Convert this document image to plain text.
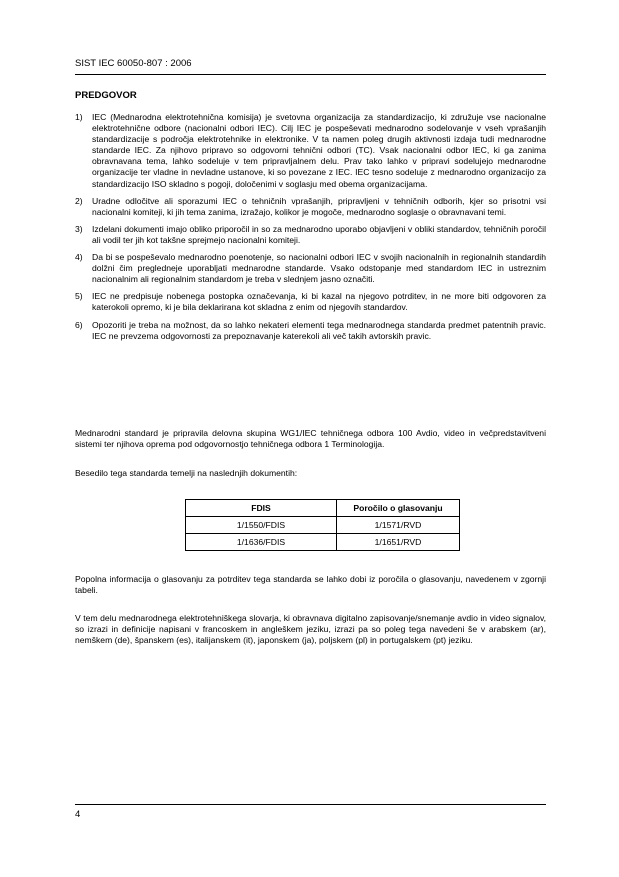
SIST IEC 60050-807 : 2006
PREDGOVOR
1) IEC (Mednarodna elektrotehnična komisija) je svetovna organizacija za standardizacijo, ki združuje vse nacionalne elektrotehnične odbore (nacionalni odbori IEC). Cilj IEC je pospeševati mednarodno sodelovanje v vseh vprašanjih standardizacije s področja elektrotehnike in elektronike. V ta namen poleg drugih aktivnosti izdaja tudi mednarodne standarde IEC. Za njihovo pripravo so odgovorni tehnični odbori (TC). Vsak nacionalni odbor IEC, ki ga zanima obravnavana tema, lahko sodeluje v tem pripravljalnem delu. Prav tako lahko v pripravi sodelujejo mednarodne organizacije ter vladne in nevladne ustanove, ki so povezane z IEC. IEC tesno sodeluje z mednarodno organizacijo za standardizacijo ISO skladno s pogoji, določenimi v soglasju med obema organizacijama.
2) Uradne odločitve ali sporazumi IEC o tehničnih vprašanjih, pripravljeni v tehničnih odborih, kjer so prisotni vsi nacionalni komiteji, ki jih tema zanima, izražajo, kolikor je mogoče, mednarodno soglasje o obravnavani temi.
3) Izdelani dokumenti imajo obliko priporočil in so za mednarodno uporabo objavljeni v obliki standardov, tehničnih poročil ali vodil ter jih kot takšne sprejmejo nacionalni komiteji.
4) Da bi se pospeševalo mednarodno poenotenje, so nacionalni odbori IEC v svojih nacionalnih in regionalnih standardih dolžni čim pregledneje uporabljati mednarodne standarde. Vsako odstopanje med standardom IEC in ustreznim nacionalnim ali regionalnim standardom je treba v slednjem jasno označiti.
5) IEC ne predpisuje nobenega postopka označevanja, ki bi kazal na njegovo potrditev, in ne more biti odgovoren za katerokoli opremo, ki je bila deklarirana kot skladna z enim od njegovih standardov.
6) Opozoriti je treba na možnost, da so lahko nekateri elementi tega mednarodnega standarda predmet patentnih pravic. IEC ne prevzema odgovornosti za prepoznavanje katerekoli ali več takih avtorskih pravic.

Mednarodni standard je pripravila delovna skupina WG1/IEC tehničnega odbora 100 Avdio, video in večpredstavitveni sistemi ter njihova oprema pod odgovornostjo tehničnega odbora 1 Terminologija.

Besedilo tega standarda temelji na naslednjih dokumentih:

FDIS	Poročilo o glasovanju
1/1550/FDIS	1/1571/RVD
1/1636/FDIS	1/1651/RVD

Popolna informacija o glasovanju za potrditev tega standarda se lahko dobi iz poročila o glasovanju, navedenem v zgornji tabeli.

V tem delu mednarodnega elektrotehniškega slovarja, ki obravnava digitalno zapisovanje/snemanje avdio in video signalov, so izrazi in definicije napisani v francoskem in angleškem jeziku, izrazi pa so poleg tega navedeni še v arabskem (ar), nemškem (de), španskem (es), italijanskem (it), japonskem (ja), poljskem (pl) in portugalskem (pt) jeziku.

4
